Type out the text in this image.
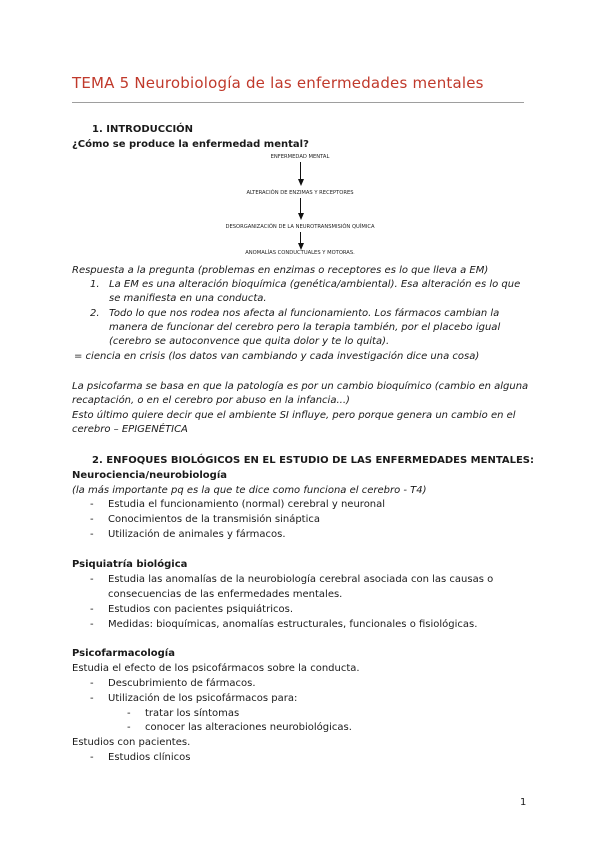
TEMA 5 Neurobiología de las enfermedades mentales
1. INTRODUCCIÓN
¿Cómo se produce la enfermedad mental?
ENFERMEDAD MENTAL
ALTERACIÓN DE ENZIMAS Y RECEPTORES
DESORGANIZACIÓN DE LA NEUROTRANSMISIÓN QUÍMICA
ANOMALÍAS CONDUCTUALES Y MOTORAS.
Respuesta a la pregunta (problemas en enzimas o receptores es lo que lleva a EM)
1. La EM es una alteración bioquímica (genética/ambiental). Esa alteración es lo que
se manifiesta en una conducta.
2. Todo lo que nos rodea nos afecta al funcionamiento. Los fármacos cambian la
manera de funcionar del cerebro pero la terapia también, por el placebo igual
(cerebro se autoconvence que quita dolor y te lo quita).
= ciencia en crisis (los datos van cambiando y cada investigación dice una cosa)
La psicofarma se basa en que la patología es por un cambio bioquímico (cambio en alguna
recaptación, o en el cerebro por abuso en la infancia...)
Esto último quiere decir que el ambiente SI influye, pero porque genera un cambio en el
cerebro – EPIGENÉTICA
2. ENFOQUES BIOLÓGICOS EN EL ESTUDIO DE LAS ENFERMEDADES MENTALES:
Neurociencia/neurobiología
(la más importante pq es la que te dice como funciona el cerebro - T4)
- Estudia el funcionamiento (normal) cerebral y neuronal
- Conocimientos de la transmisión sináptica
- Utilización de animales y fármacos.
Psiquiatría biológica
- Estudia las anomalías de la neurobiología cerebral asociada con las causas o
consecuencias de las enfermedades mentales.
- Estudios con pacientes psiquiátricos.
- Medidas: bioquímicas, anomalías estructurales, funcionales o fisiológicas.
Psicofarmacología
Estudia el efecto de los psicofármacos sobre la conducta.
- Descubrimiento de fármacos.
- Utilización de los psicofármacos para:
- tratar los síntomas
- conocer las alteraciones neurobiológicas.
Estudios con pacientes.
- Estudios clínicos
1
